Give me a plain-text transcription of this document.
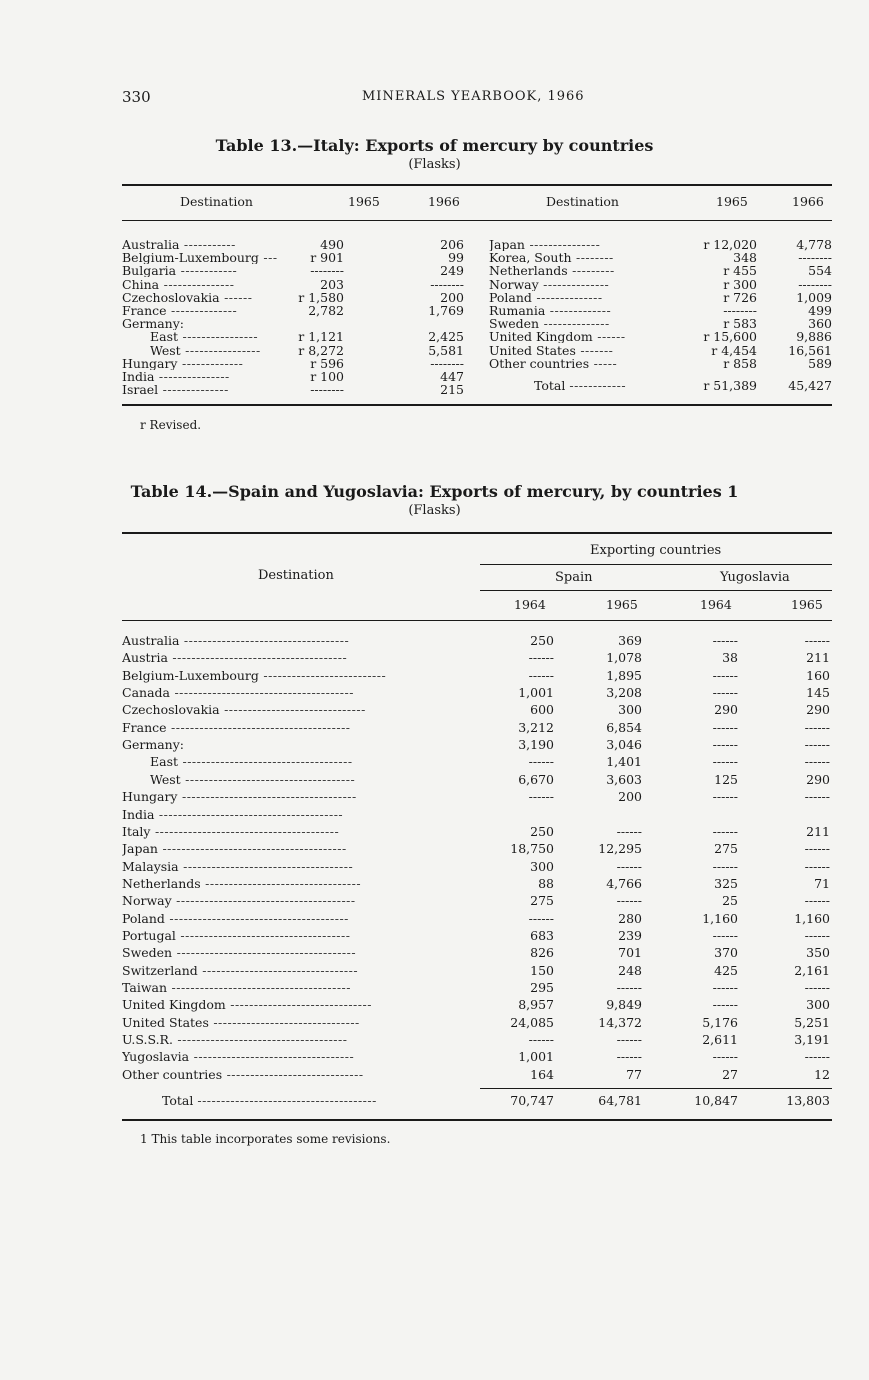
330	MINERALS YEARBOOK, 1966
Table 13.—Italy: Exports of mercury by countries
(Flasks)
Destination	1965	1966	Destination	1965	1966
Total ------------	r 51,389	45,427
Australia -----------	490	206
Belgium-Luxembourg ---	r 901	99
Bulgaria ------------	--------	249
China ---------------	203	--------
Czechoslovakia ------	r 1,580	200
France --------------	2,782	1,769
Germany:
East ----------------	r 1,121	2,425
West ----------------	r 8,272	5,581
Hungary -------------	r 596	--------
India ---------------	r 100	447
Israel --------------	--------	215
Japan ---------------	r 12,020	4,778
Korea, South --------	348	--------
Netherlands ---------	r 455	554
Norway --------------	r 300	--------
Poland --------------	r 726	1,009
Rumania -------------	--------	499
Sweden --------------	r 583	360
United Kingdom ------	r 15,600	9,886
United States -------	r 4,454	16,561
Other countries -----	r 858	589
r Revised.
Table 14.—Spain and Yugoslavia: Exports of mercury, by countries 1
(Flasks)
Exporting countries
Destination	Spain	Yugoslavia
1964	1965	1964	1965
Australia -----------------------------------	250	369	------	------
Austria -------------------------------------	------	1,078	38	211
Belgium-Luxembourg --------------------------	------	1,895	------	160
Canada --------------------------------------	1,001	3,208	------	145
Czechoslovakia ------------------------------	600	300	290	290
France --------------------------------------	3,212	6,854	------	------
Germany:	3,190	3,046	------	------
East ------------------------------------	------	1,401	------	------
West ------------------------------------	6,670	3,603	125	290
Hungary -------------------------------------	------	200	------	------
India ---------------------------------------
Italy ---------------------------------------	250	------	------	211
Japan ---------------------------------------	18,750	12,295	275	------
Malaysia ------------------------------------	300	------	------	------
Netherlands ---------------------------------	88	4,766	325	71
Norway --------------------------------------	275	------	25	------
Poland --------------------------------------	------	280	1,160	1,160
Portugal ------------------------------------	683	239	------	------
Sweden --------------------------------------	826	701	370	350
Switzerland ---------------------------------	150	248	425	2,161
Taiwan --------------------------------------	295	------	------	------
United Kingdom ------------------------------	8,957	9,849	------	300
United States -------------------------------	24,085	14,372	5,176	5,251
U.S.S.R. ------------------------------------	------	------	2,611	3,191
Yugoslavia ----------------------------------	1,001	------	------	------
Other countries -----------------------------	164	77	27	12
Total --------------------------------------	70,747	64,781	10,847	13,803
1 This table incorporates some revisions.
